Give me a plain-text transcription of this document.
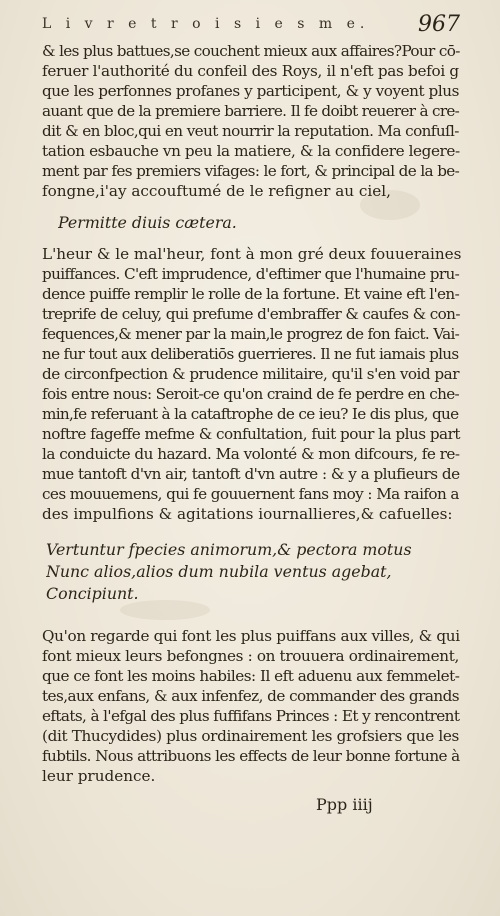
L i v r e t r o i s i e s m e. 967
& les plus battues,se couchent mieux aux affaires?Pour cō-
feruer l'authorité du confeil des Roys, il n'eft pas befoi g
que les perfonnes profanes y participent, & y voyent plus
auant que de la premiere barriere. Il fe doibt reuerer à cre-
dit & en bloc,qui en veut nourrir la reputation. Ma confuſl-
tation esbauche vn peu la matiere, & la confidere legere-
ment par fes premiers vifages: le fort, & principal de la be-
fongne,i'ay accouftumé de le refigner au ciel,
Permitte diuis cætera.
L'heur & le mal'heur, font à mon gré deux fouueraines
puiffances. C'eft imprudence, d'eftimer que l'humaine pru-
dence puiffe remplir le rolle de la fortune. Et vaine eft l'en-
treprife de celuy, qui prefume d'embraffer & caufes & con-
fequences,& mener par la main,le progrez de fon faict. Vai-
ne fur tout aux deliberatiōs guerrieres. Il ne fut iamais plus
de circonfpection & prudence militaire, qu'il s'en void par
fois entre nous: Seroit-ce qu'on craind de fe perdre en che-
min,fe referuant à la cataftrophe de ce ieu? Ie dis plus, que
noftre fageffe mefme & confultation, fuit pour la plus part
la conduicte du hazard. Ma volonté & mon difcours, fe re-
mue tantoft d'vn air, tantoft d'vn autre : & y a plufieurs de
ces mouuemens, qui fe gouuernent fans moy : Ma raifon a
des impulfions & agitations iournallieres,& cafuelles:
Vertuntur fpecies animorum,& pectora motus
Nunc alios,alios dum nubila ventus agebat,
Concipiunt.
Qu'on regarde qui font les plus puiffans aux villes, & qui
font mieux leurs befongnes : on trouuera ordinairement,
que ce font les moins habiles: Il eft aduenu aux femmelet-
tes,aux enfans, & aux infenfez, de commander des grands
eftats, à l'efgal des plus fuffifans Princes : Et y rencontrent
(dit Thucydides) plus ordinairement les grofsiers que les
fubtils. Nous attribuons les effects de leur bonne fortune à
leur prudence.
Ppp iiij
